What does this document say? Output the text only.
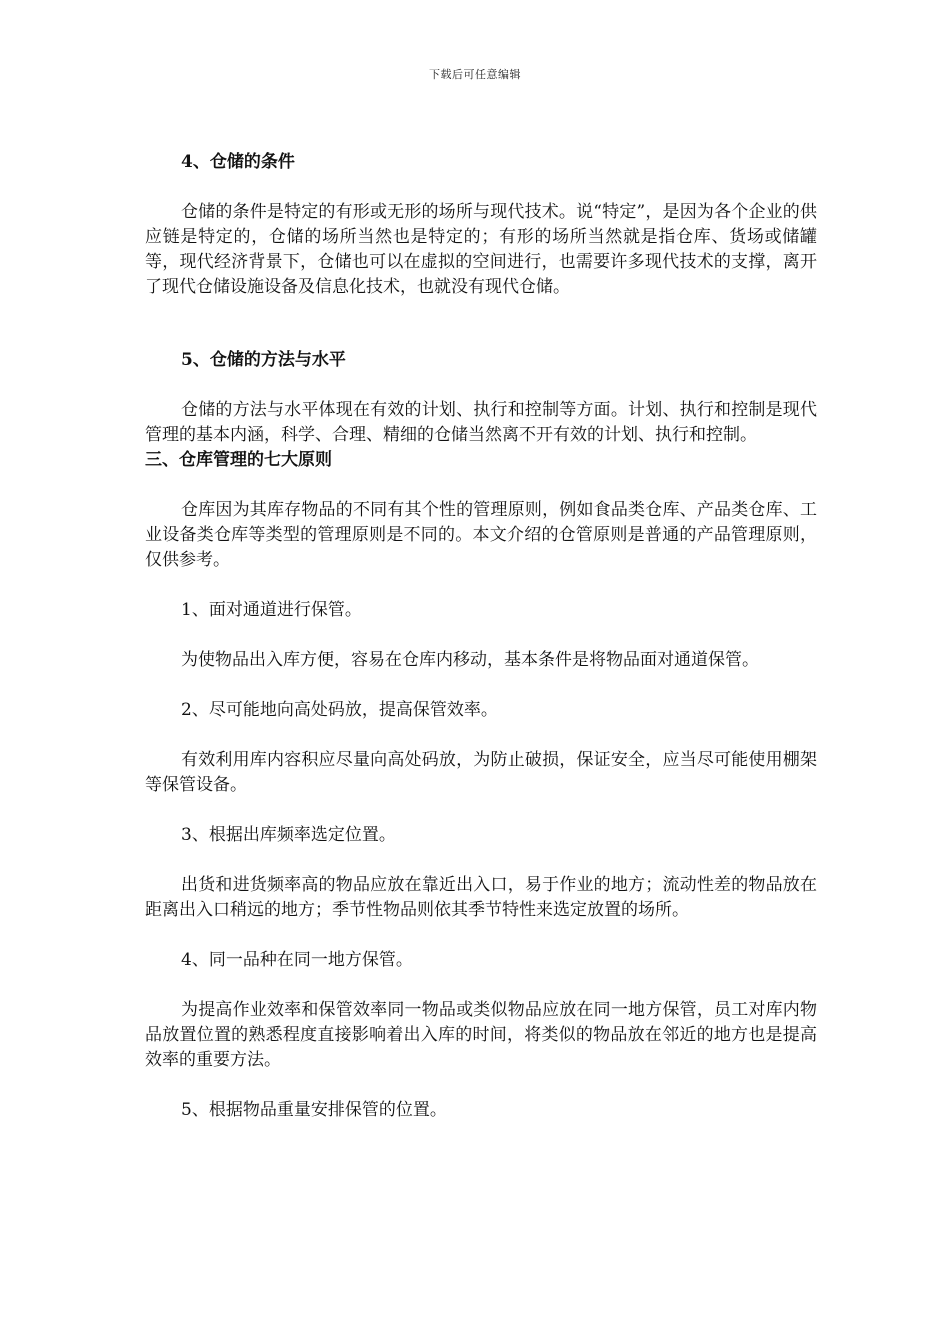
下载后可任意编辑
4、仓储的条件

仓储的条件是特定的有形或无形的场所与现代技术。说“特定”，是因为各个企业的供应链是特定的，仓储的场所当然也是特定的；有形的场所当然就是指仓库、货场或储罐等，现代经济背景下，仓储也可以在虚拟的空间进行，也需要许多现代技术的支撑，离开了现代仓储设施设备及信息化技术，也就没有现代仓储。

5、仓储的方法与水平

仓储的方法与水平体现在有效的计划、执行和控制等方面。计划、执行和控制是现代管理的基本内涵，科学、合理、精细的仓储当然离不开有效的计划、执行和控制。

三、仓库管理的七大原则

仓库因为其库存物品的不同有其个性的管理原则，例如食品类仓库、产品类仓库、工业设备类仓库等类型的管理原则是不同的。本文介绍的仓管原则是普通的产品管理原则，仅供参考。

1、面对通道进行保管。

为使物品出入库方便，容易在仓库内移动，基本条件是将物品面对通道保管。

2、尽可能地向高处码放，提高保管效率。

有效利用库内容积应尽量向高处码放，为防止破损，保证安全，应当尽可能使用棚架等保管设备。

3、根据出库频率选定位置。

出货和进货频率高的物品应放在靠近出入口，易于作业的地方；流动性差的物品放在距离出入口稍远的地方；季节性物品则依其季节特性来选定放置的场所。

4、同一品种在同一地方保管。

为提高作业效率和保管效率同一物品或类似物品应放在同一地方保管，员工对库内物品放置位置的熟悉程度直接影响着出入库的时间，将类似的物品放在邻近的地方也是提高效率的重要方法。

5、根据物品重量安排保管的位置。
